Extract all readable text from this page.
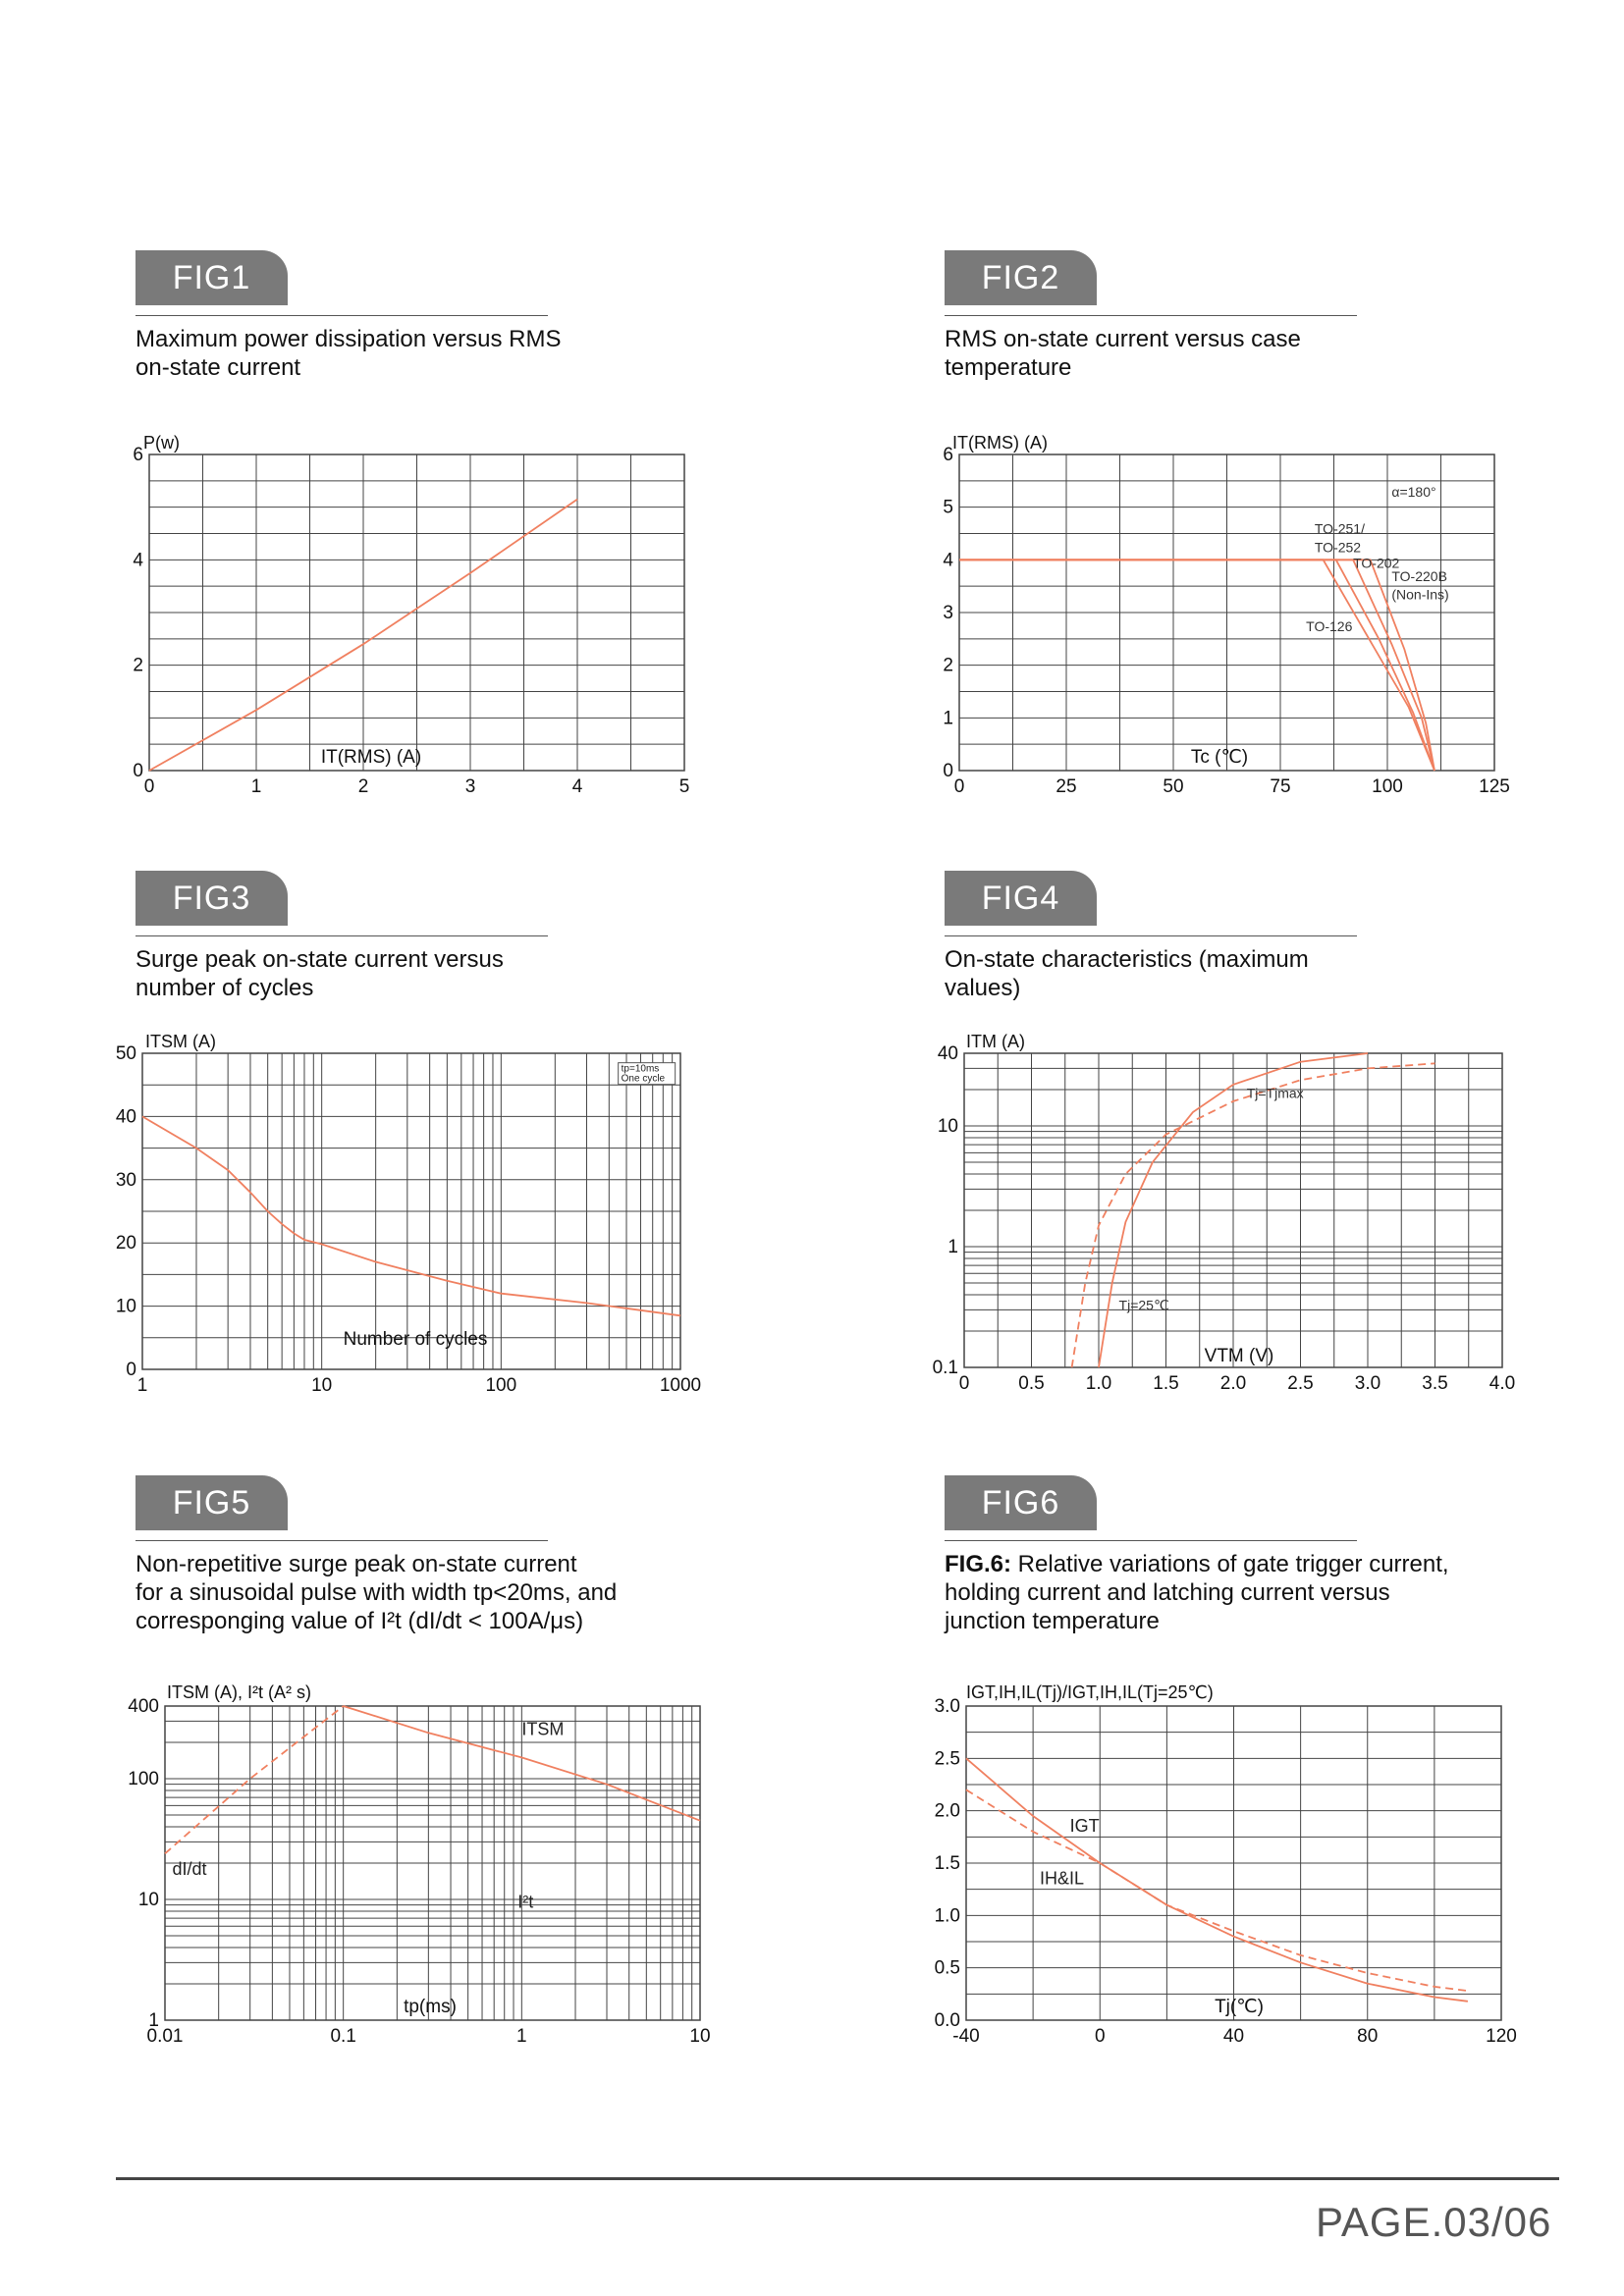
FIG1
Maximum power dissipation versus RMS
on-state current
0	1	2	3	4	5
0
2
4
6
P(w)
IT(RMS) (A)
FIG2
RMS on-state current versus case
temperature
0	25	50	75	100	125
0
1
2
3
4
5
6
IT(RMS) (A)
Tc (℃)
α=180°
TO-251/
TO-252
TO-202
TO-220B
(Non-Ins)
TO-126
FIG3
Surge peak on-state current versus
number of cycles
1	10	100	1000
0
10
20
30
40
50
ITSM (A)
Number of cycles
tp=10ms
One cycle
FIG4
On-state characteristics (maximum
values)
0	0.5 1.0 1.5 2.0 2.5 3.0 3.5 4.0
0.1
1
10
40
ITM (A)
VTM (V)
Tj=25℃
Tj=Tjmax
FIG5
Non-repetitive surge peak on-state current
for a sinusoidal pulse with width tp<20ms, and
corresponging value of I²t (dI/dt < 100A/μs)
0.01	0.1	1	10
1
10
100
400
ITSM (A), I²t (A² s)
tp(ms)
ITSM
dI/dt
I²t
FIG6
FIG.6: Relative variations of gate trigger current,
holding current and latching current versus
junction temperature
-40	0	40	80	120
0.0
0.5
1.0
1.5
2.0
2.5
3.0
IGT,IH,IL(Tj)/IGT,IH,IL(Tj=25℃)
Tj(℃)
IGT
IH&IL
PAGE.03/06
